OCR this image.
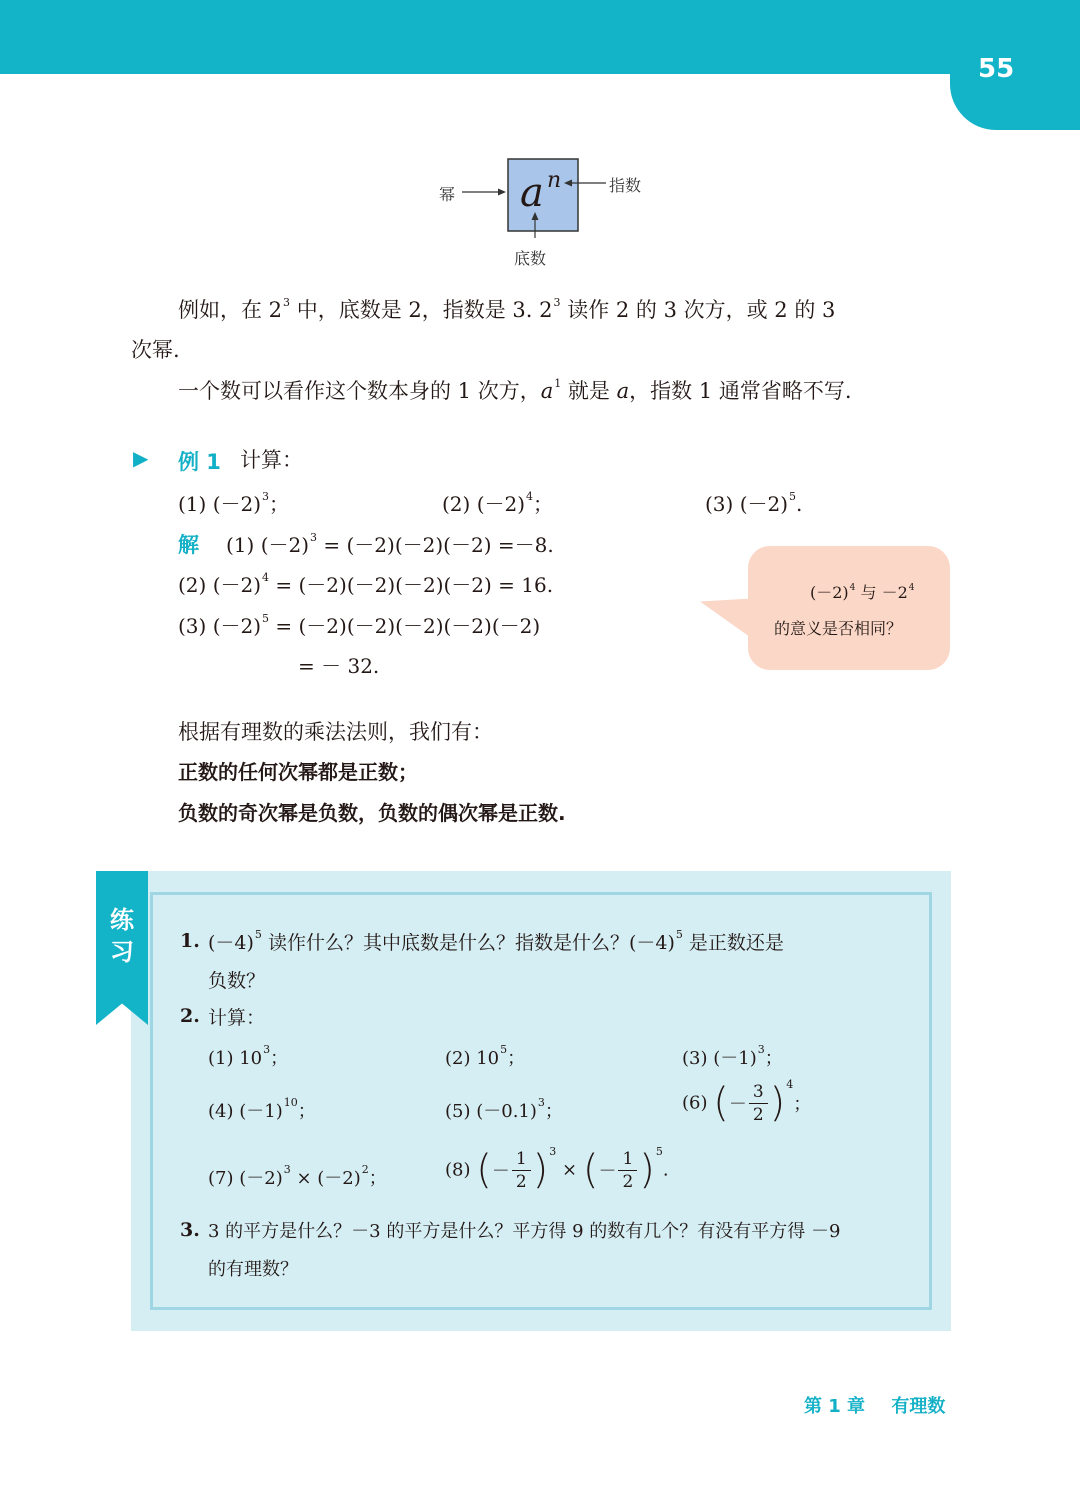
55
a n
幂	指数
底数
例如，在 $2^3$ 中，底数是 2，指数是 3. $2^3$ 读作 2 的 3 次方，或 2 的 3
次幂.
一个数可以看作这个数本身的 1 次方，$a^1$ 就是 a，指数 1 通常省略不写.
▶ 例 1 计算：
(1) $(-2)^3$；	(2) $(-2)^4$；	(3) $(-2)^5$.
解 (1) $(-2)^3 = (-2)(-2)(-2) =-8$.
(2) $(-2)^4 = (-2)(-2)(-2)(-2) = 16$.
(3) $(-2)^5 = (-2)(-2)(-2)(-2)(-2)$
= － 32.
$(-2)^4$ 与 $-2^4$
的意义是否相同？
根据有理数的乘法法则，我们有：
正数的任何次幂都是正数；
负数的奇次幂是负数，负数的偶次幂是正数.
练
习	1. $(-4)^5$ 读作什么？其中底数是什么？指数是什么？$(-4)^5$ 是正数还是
负数？
2. 计算：
(1) $10^3$；	(2) $10^5$；	(3) $(-1)^3$；
(4) $(-1)^{10}$；	(5) $(-0.1)^3$；	(6) (－ $\frac{3}{2} )^4$；
(7) $(-2)^3 \times (-2)^2$；	(8) (－ $\frac{1}{2} )^3$ × (－ $\frac{1}{2} )^5$.
3. 3 的平方是什么？－3 的平方是什么？平方得 9 的数有几个？有没有平方得 －9
的有理数？
第 1 章 有理数
